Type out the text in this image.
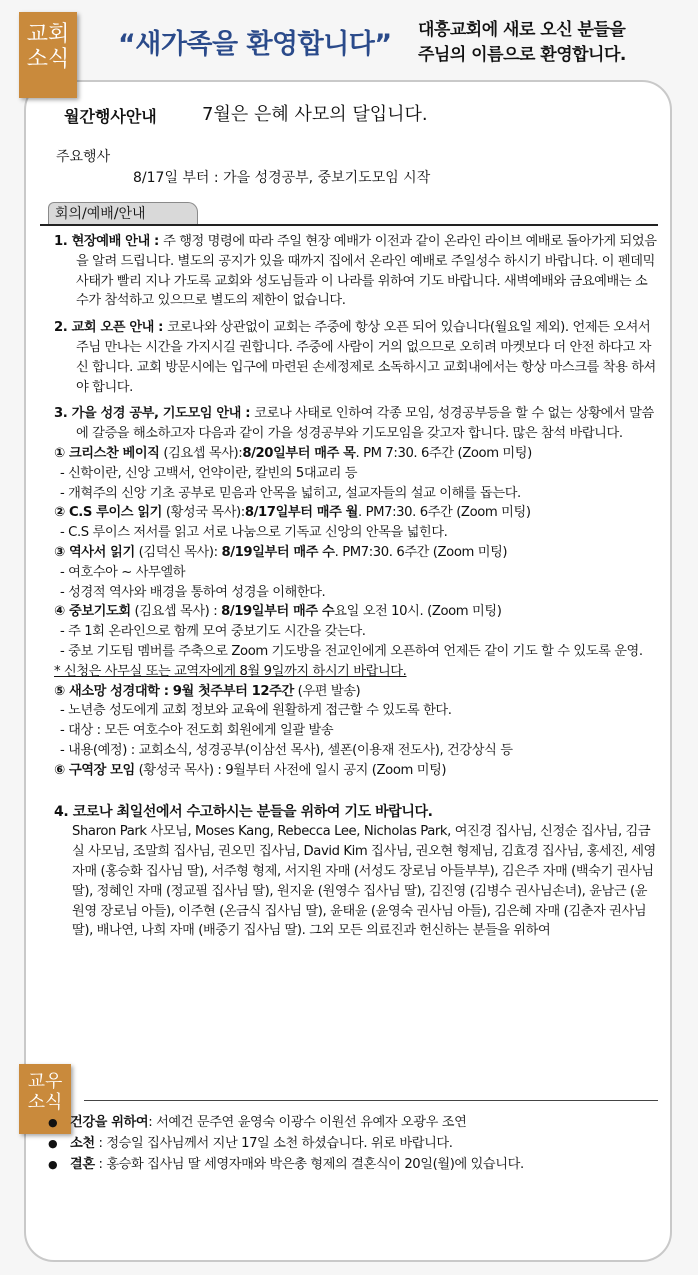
교회
소식 “새가족을 환영합니다” 대흥교회에 새로 오신 분들을
주님의 이름으로 환영합니다.
월간행사안내	7월은 은혜 사모의 달입니다.
주요행사
8/17일 부터 : 가을 성경공부, 중보기도모임 시작
회의/예배/안내

1. 현장예배 안내 : 주 행정 명령에 따라 주일 현장 예배가 이전과 같이 온라인 라이브 예배로 돌아가게 되었음을 알려 드립니다. 별도의 공지가 있을 때까지 집에서 온라인 예배로 주일성수 하시기 바랍니다. 이 펜데믹 사태가 빨리 지나 가도록 교회와 성도님들과 이 나라를 위하여 기도 바랍니다. 새벽예배와 금요예배는 소수가 참석하고 있으므로 별도의 제한이 없습니다.

2. 교회 오픈 안내 : 코로나와 상관없이 교회는 주중에 항상 오픈 되어 있습니다(월요일 제외). 언제든 오셔서 주님 만나는 시간을 가지시길 권합니다. 주중에 사람이 거의 없으므로 오히려 마켓보다 더 안전 하다고 자신 합니다. 교회 방문시에는 입구에 마련된 손세정제로 소독하시고 교회내에서는 항상 마스크를 착용 하셔야 합니다.

3. 가을 성경 공부, 기도모임 안내 : 코로나 사태로 인하여 각종 모임, 성경공부등을 할 수 없는 상황에서 말씀에 갈증을 해소하고자 다음과 같이 가을 성경공부와 기도모임을 갖고자 합니다. 많은 참석 바랍니다.

① 크리스찬 베이직 (김요셉 목사):8/20일부터 매주 목. PM 7:30. 6주간 (Zoom 미팅)

- 신학이란, 신앙 고백서, 언약이란, 칼빈의 5대교리 등

- 개혁주의 신앙 기초 공부로 믿음과 안목을 넓히고, 설교자들의 설교 이해를 돕는다.

② C.S 루이스 읽기 (황성국 목사):8/17일부터 매주 월. PM7:30. 6주간 (Zoom 미팅)

- C.S 루이스 저서를 읽고 서로 나눔으로 기독교 신앙의 안목을 넓힌다.

③ 역사서 읽기 (김덕신 목사): 8/19일부터 매주 수. PM7:30. 6주간 (Zoom 미팅)

- 여호수아 ~ 사무엘하

- 성경적 역사와 배경을 통하여 성경을 이해한다.

④ 중보기도회 (김요셉 목사) : 8/19일부터 매주 수요일 오전 10시. (Zoom 미팅)

- 주 1회 온라인으로 함께 모여 중보기도 시간을 갖는다.

- 중보 기도팀 멤버를 주축으로 Zoom 기도방을 전교인에게 오픈하여 언제든 같이 기도 할 수 있도록 운영.

* 신청은 사무실 또는 교역자에게 8월 9일까지 하시기 바랍니다.

⑤ 새소망 성경대학 : 9월 첫주부터 12주간 (우편 발송)

- 노년층 성도에게 교회 정보와 교육에 원활하게 접근할 수 있도록 한다.

- 대상 : 모든 여호수아 전도회 회원에게 일괄 발송

- 내용(예정) : 교회소식, 성경공부(이삼선 목사), 셀폰(이용재 전도사), 건강상식 등

⑥ 구역장 모임 (황성국 목사) : 9월부터 사전에 일시 공지 (Zoom 미팅)

4. 코로나 최일선에서 수고하시는 분들을 위하여 기도 바랍니다.

Sharon Park 사모님, Moses Kang, Rebecca Lee, Nicholas Park, 여진경 집사님, 신정순 집사님, 김금실 사모님, 조말희 집사님, 권오민 집사님, David Kim 집사님, 권오현 형제님, 김효경 집사님, 홍세진, 세영 자매 (홍승화 집사님 딸), 서주형 형제, 서지원 자매 (서성도 장로님 아들부부), 김은주 자매 (백숙기 권사님 딸), 정혜인 자매 (정교필 집사님 딸), 원지윤 (원영수 집사님 딸), 김진영 (김병수 권사님손녀), 윤남근 (윤원영 장로님 아들), 이주현 (온금식 집사님 딸), 윤태윤 (윤영숙 권사님 아들), 김은혜 자매 (김춘자 권사님 딸), 배나연, 나희 자매 (배중기 집사님 딸). 그외 모든 의료진과 헌신하는 분들을 위하여

교우
소식
● 건강을 위하여: 서예건 문주연 윤영숙 이광수 이원선 유예자 오광우 조연
● 소천 : 정승일 집사님께서 지난 17일 소천 하셨습니다. 위로 바랍니다.
● 결혼 : 홍승화 집사님 딸 세영자매와 박은총 형제의 결혼식이 20일(월)에 있습니다.
